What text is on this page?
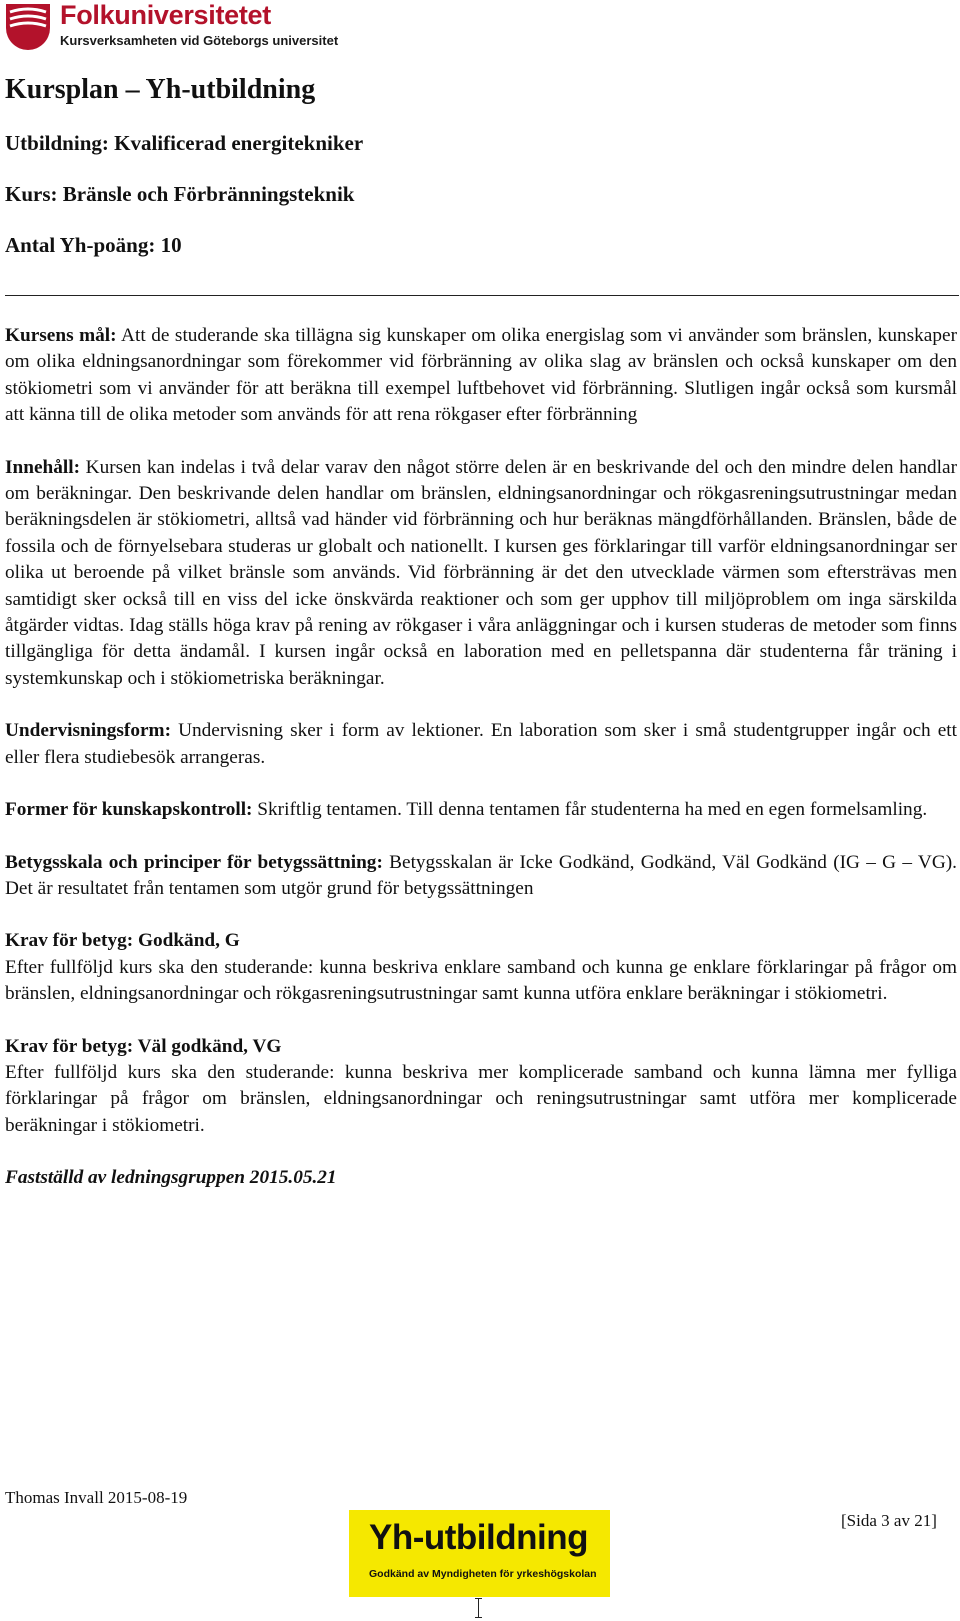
Folkuniversitetet
Kursverksamheten vid Göteborgs universitet
Kursplan – Yh-utbildning
Utbildning: Kvalificerad energitekniker
Kurs: Bränsle och Förbränningsteknik
Antal Yh-poäng: 10

Kursens mål: Att de studerande ska tillägna sig kunskaper om olika energislag som vi använder som bränslen, kunskaper om olika eldningsanordningar som förekommer vid förbränning av olika slag av bränslen och också kunskaper om den stökiometri som vi använder för att beräkna till exempel luftbehovet vid förbränning. Slutligen ingår också som kursmål att känna till de olika metoder som används för att rena rökgaser efter förbränning

Innehåll: Kursen kan indelas i två delar varav den något större delen är en beskrivande del och den mindre delen handlar om beräkningar. Den beskrivande delen handlar om bränslen, eldningsanordningar och rökgasreningsutrustningar medan beräkningsdelen är stökiometri, alltså vad händer vid förbränning och hur beräknas mängdförhållanden. Bränslen, både de fossila och de förnyelsebara studeras ur globalt och nationellt. I kursen ges förklaringar till varför eldningsanordningar ser olika ut beroende på vilket bränsle som används. Vid förbränning är det den utvecklade värmen som eftersträvas men samtidigt sker också till en viss del icke önskvärda reaktioner och som ger upphov till miljöproblem om inga särskilda åtgärder vidtas. Idag ställs höga krav på rening av rökgaser i våra anläggningar och i kursen studeras de metoder som finns tillgängliga för detta ändamål. I kursen ingår också en laboration med en pelletspanna där studenterna får träning i systemkunskap och i stökiometriska beräkningar.

Undervisningsform: Undervisning sker i form av lektioner. En laboration som sker i små studentgrupper ingår och ett eller flera studiebesök arrangeras.

Former för kunskapskontroll: Skriftlig tentamen. Till denna tentamen får studenterna ha med en egen formelsamling.

Betygsskala och principer för betygssättning: Betygsskalan är Icke Godkänd, Godkänd, Väl Godkänd (IG – G – VG). Det är resultatet från tentamen som utgör grund för betygssättningen

Krav för betyg: Godkänd, G
Efter fullföljd kurs ska den studerande: kunna beskriva enklare samband och kunna ge enklare förklaringar på frågor om bränslen, eldningsanordningar och rökgasreningsutrustningar samt kunna utföra enklare beräkningar i stökiometri.

Krav för betyg: Väl godkänd, VG
Efter fullföljd kurs ska den studerande: kunna beskriva mer komplicerade samband och kunna lämna mer fylliga förklaringar på frågor om bränslen, eldningsanordningar och reningsutrustningar samt utföra mer komplicerade beräkningar i stökiometri.

Fastställd av ledningsgruppen 2015.05.21

Thomas Invall 2015-08-19
[Sida 3 av 21]
Yh-utbildning
Godkänd av Myndigheten för yrkeshögskolan
